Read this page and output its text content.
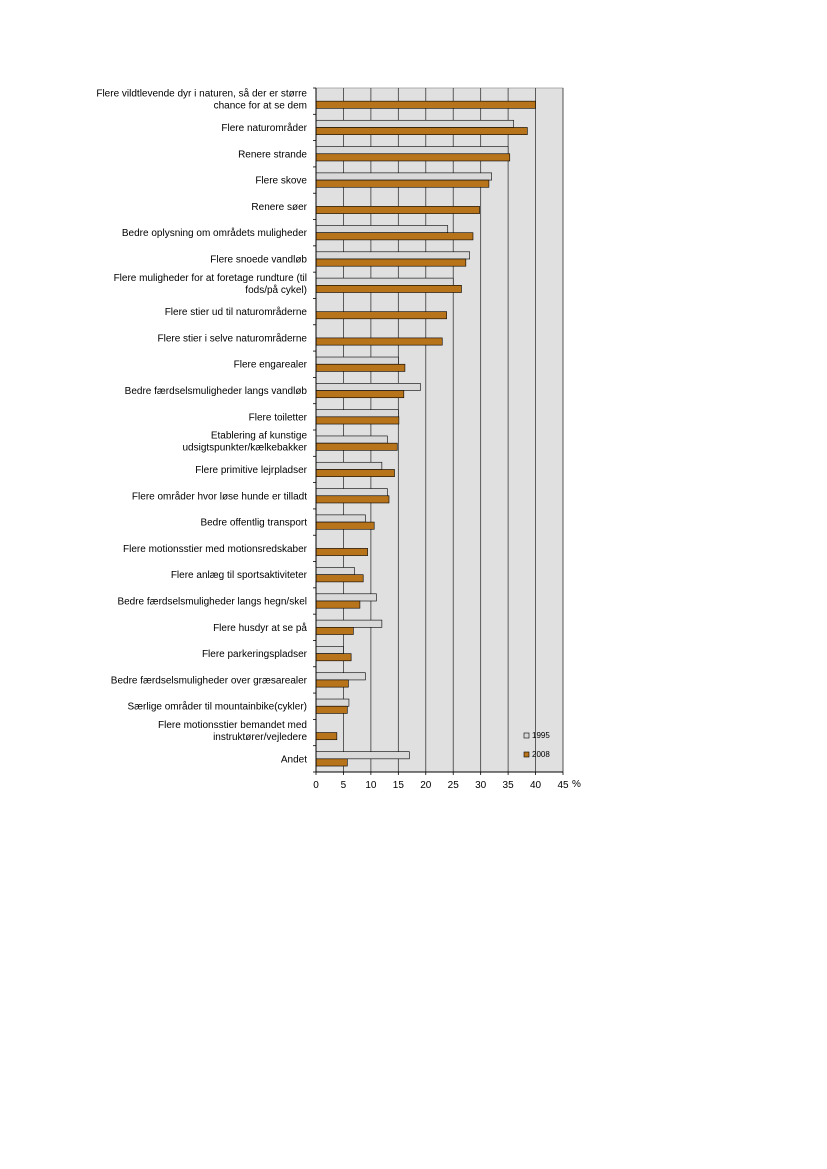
Flere vildtlevende dyr i naturen, så der er større chance for at se dem
Flere naturområder
Renere strande
Flere skove
Renere søer
Bedre oplysning om områdets muligheder
Flere snoede vandløb
Flere muligheder for at foretage rundture (til fods/på cykel)
Flere stier ud til naturområderne
Flere stier i selve naturområderne
Flere engarealer
Bedre færdselsmuligheder langs vandløb
Flere toiletter
Etablering af kunstige udsigtspunkter/kælkebakker
Flere primitive lejrpladser
Flere områder hvor løse hunde er tilladt
Bedre offentlig transport
Flere motionsstier med motionsredskaber
Flere anlæg til sportsaktiviteter
Bedre færdselsmuligheder langs hegn/skel
Flere husdyr at se på
Flere parkeringspladser
Bedre færdselsmuligheder over græsarealer
Særlige områder til mountainbike(cykler)
Flere motionsstier bemandet med instruktører/vejledere
Andet
0 5 10 15 20 25 30 35 40 45 %
1995
2008
